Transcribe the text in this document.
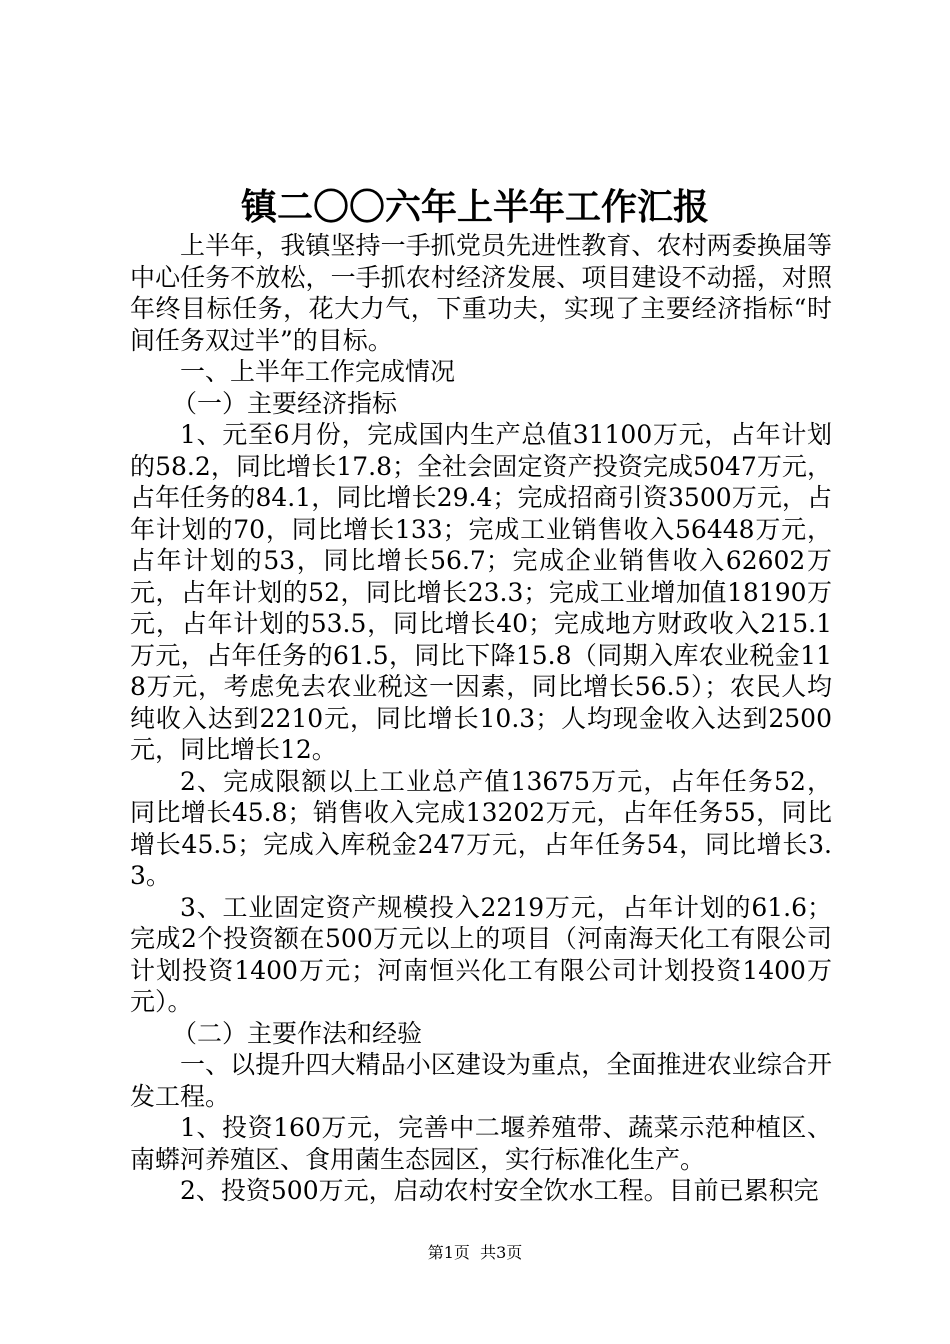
镇二〇〇六年上半年工作汇报

上半年，我镇坚持一手抓党员先进性教育、农村两委换届等中心任务不放松，一手抓农村经济发展、项目建设不动摇，对照年终目标任务，花大力气，下重功夫，实现了主要经济指标“时间任务双过半”的目标。

一、上半年工作完成情况

（一）主要经济指标

1、元至6月份，完成国内生产总值31100万元，占年计划的58.2，同比增长17.8；全社会固定资产投资完成5047万元，占年任务的84.1，同比增长29.4；完成招商引资3500万元，占年计划的70，同比增长133；完成工业销售收入56448万元，占年计划的53，同比增长56.7；完成企业销售收入62602万元，占年计划的52，同比增长23.3；完成工业增加值18190万元，占年计划的53.5，同比增长40；完成地方财政收入215.1万元，占年任务的61.5，同比下降15.8（同期入库农业税金118万元，考虑免去农业税这一因素，同比增长56.5）；农民人均纯收入达到2210元，同比增长10.3；人均现金收入达到2500元，同比增长12。

2、完成限额以上工业总产值13675万元，占年任务52，同比增长45.8；销售收入完成13202万元，占年任务55，同比增长45.5；完成入库税金247万元，占年任务54，同比增长3.3。

3、工业固定资产规模投入2219万元，占年计划的61.6；完成2个投资额在500万元以上的项目（河南海天化工有限公司计划投资1400万元；河南恒兴化工有限公司计划投资1400万元）。

（二）主要作法和经验

一、以提升四大精品小区建设为重点，全面推进农业综合开发工程。

1、投资160万元，完善中二堰养殖带、蔬菜示范种植区、南蟒河养殖区、食用菌生态园区，实行标准化生产。

2、投资500万元，启动农村安全饮水工程。目前已累积完

第1页  共3页
